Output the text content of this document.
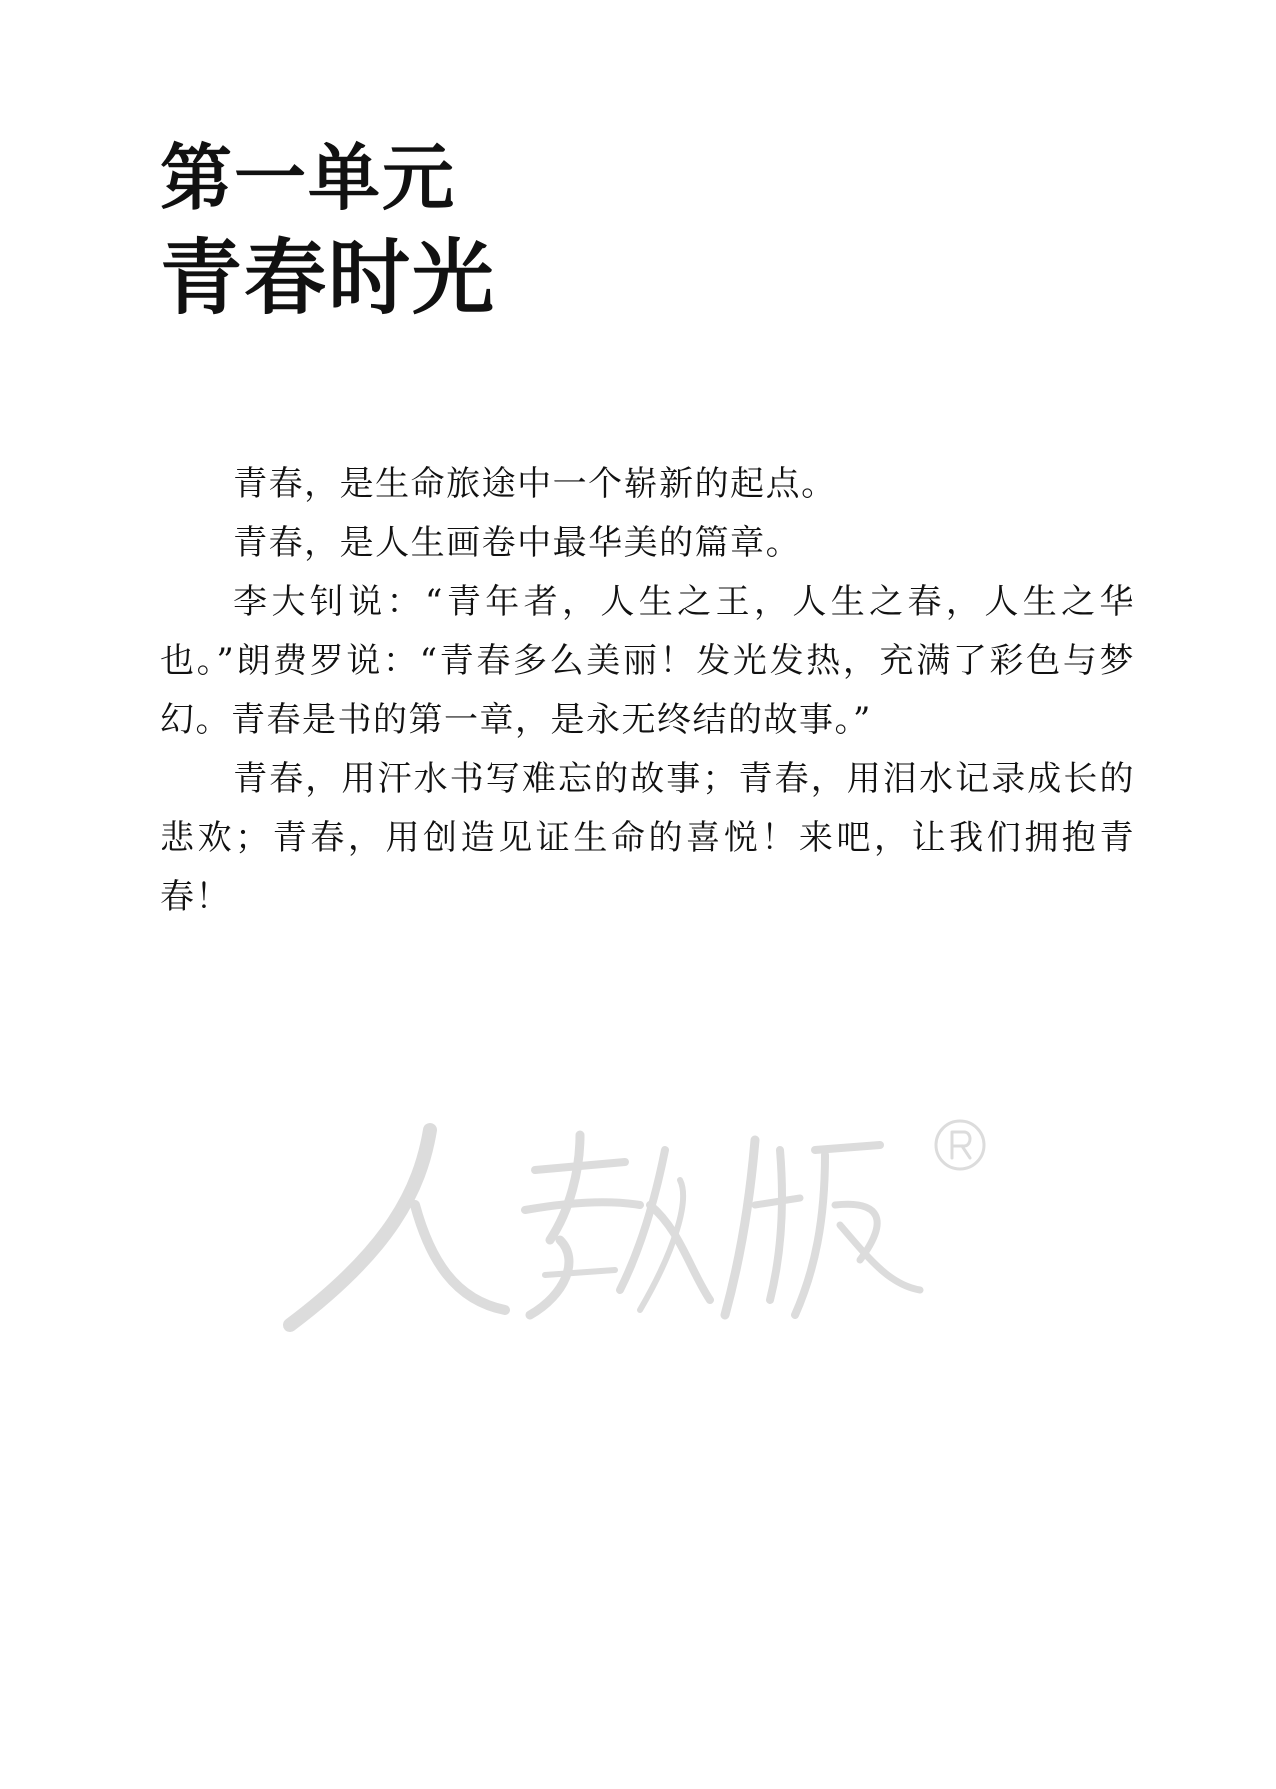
第一单元
青春时光

青春，是生命旅途中一个崭新的起点。

青春，是人生画卷中最华美的篇章。

李大钊说：“青年者，人生之王，人生之春，人生之华也。”朗费罗说：“青春多么美丽！发光发热，充满了彩色与梦幻。青春是书的第一章，是永无终结的故事。”

青春，用汗水书写难忘的故事；青春，用泪水记录成长的悲欢；青春，用创造见证生命的喜悦！来吧，让我们拥抱青春！
